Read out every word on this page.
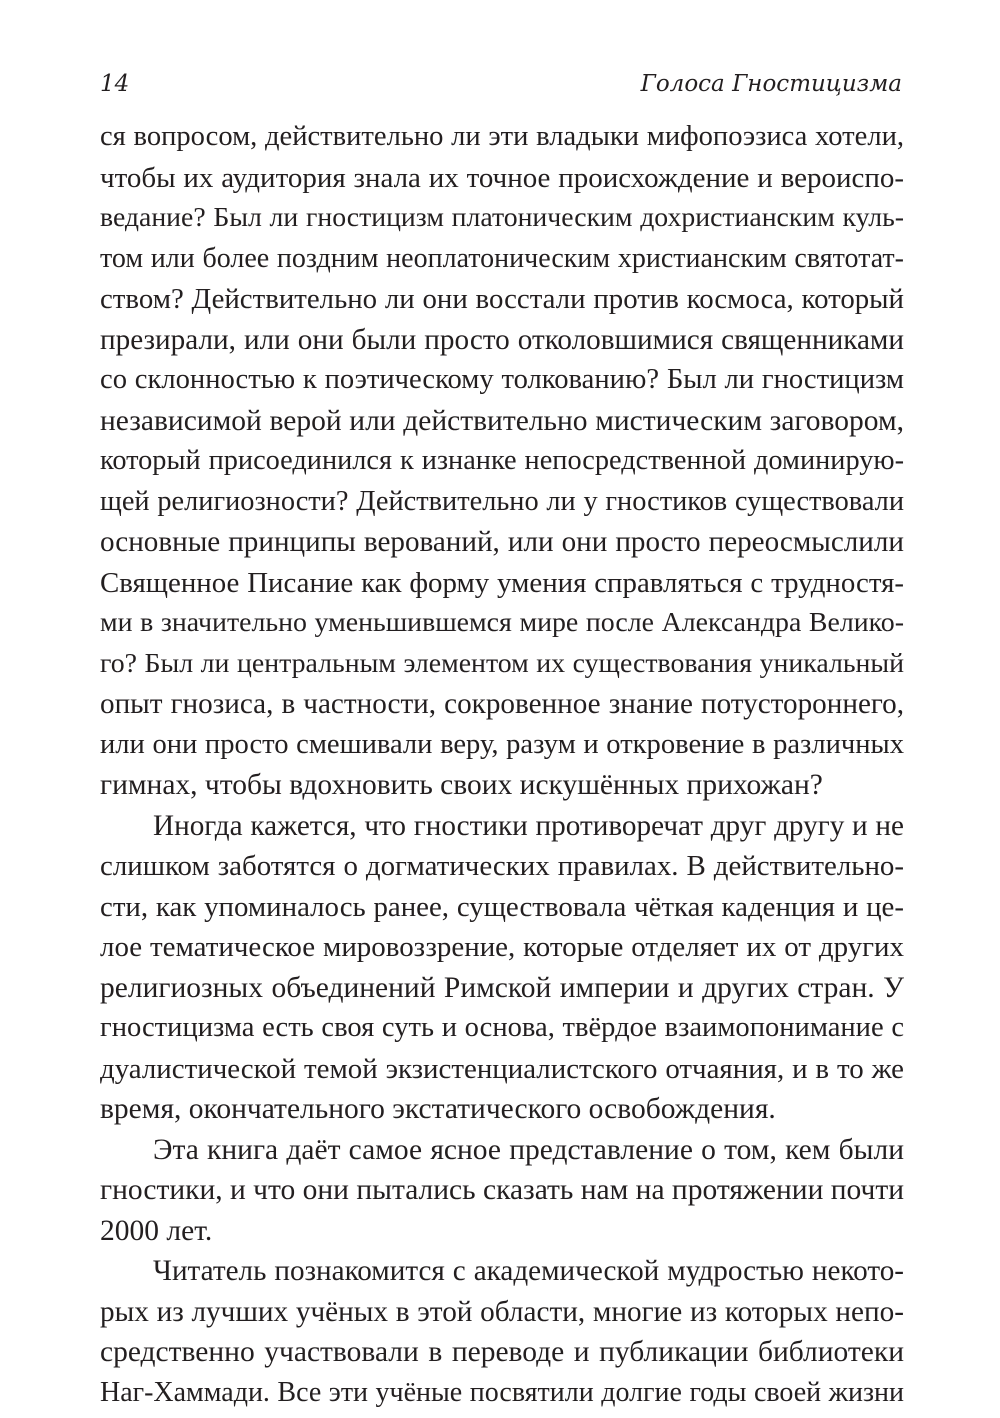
14	Голоса Гностицизма

ся вопросом, действительно ли эти владыки мифопоэзиса хотели,
чтобы их аудитория знала их точное происхождение и вероиспо-
ведание? Был ли гностицизм платоническим дохристианским куль-
том или более поздним неоплатоническим христианским святотат-
ством? Действительно ли они восстали против космоса, который
презирали, или они были просто отколовшимися священниками
со склонностью к поэтическому толкованию? Был ли гностицизм
независимой верой или действительно мистическим заговором,
который присоединился к изнанке непосредственной доминирую-
щей религиозности? Действительно ли у гностиков существовали
основные принципы верований, или они просто переосмыслили
Священное Писание как форму умения справляться с трудностя-
ми в значительно уменьшившемся мире после Александра Велико-
го? Был ли центральным элементом их существования уникальный
опыт гнозиса, в частности, сокровенное знание потустороннего,
или они просто смешивали веру, разум и откровение в различных
гимнах, чтобы вдохновить своих искушённых прихожан?

Иногда кажется, что гностики противоречат друг другу и не
слишком заботятся о догматических правилах. В действительно-
сти, как упоминалось ранее, существовала чёткая каденция и це-
лое тематическое мировоззрение, которые отделяет их от других
религиозных объединений Римской империи и других стран. У
гностицизма есть своя суть и основа, твёрдое взаимопонимание с
дуалистической темой экзистенциалистского отчаяния, и в то же
время, окончательного экстатического освобождения.

Эта книга даёт самое ясное представление о том, кем были
гностики, и что они пытались сказать нам на протяжении почти
2000 лет.

Читатель познакомится с академической мудростью некото-
рых из лучших учёных в этой области, многие из которых непо-
средственно участвовали в переводе и публикации библиотеки
Наг-Хаммади. Все эти учёные посвятили долгие годы своей жизни
